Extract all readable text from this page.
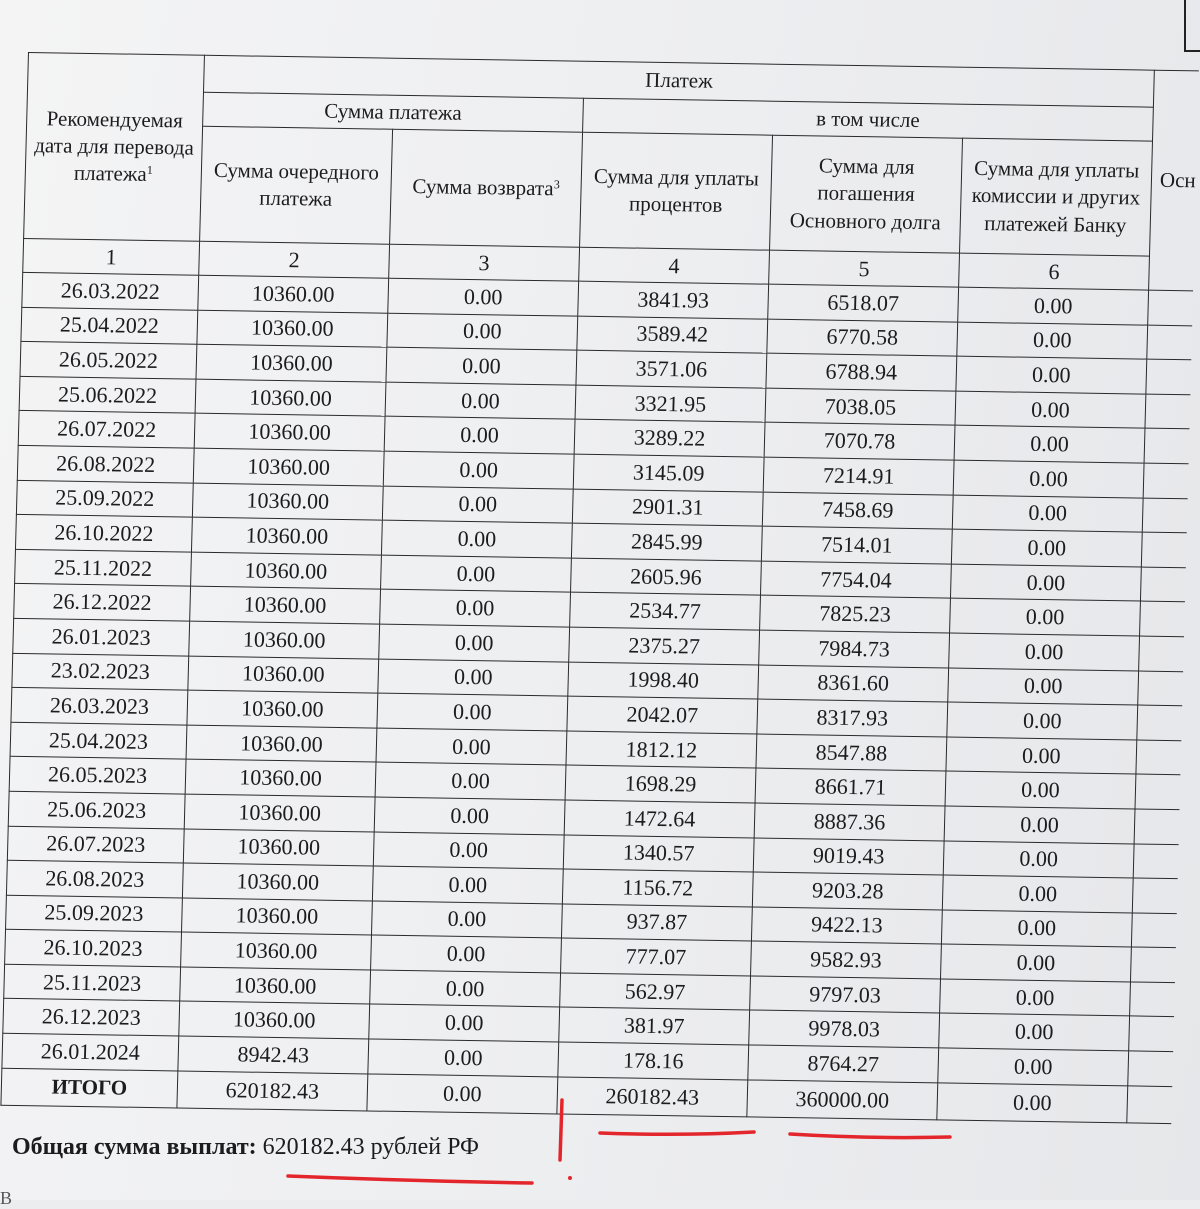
Рекомендуемая дата для перевода платежа$^1$	Платеж					Осн
	Сумма платежа		в том числе			
	Сумма очередного платежа	Сумма возврата$^3$	Сумма для уплаты процентов	Сумма для погашения Основного долга	Сумма для уплаты комиссии и других платежей Банку	
1	2	3	4	5	6	
26.03.2022	10360.00	0.00	3841.93	6518.07	0.00	
25.04.2022	10360.00	0.00	3589.42	6770.58	0.00	
26.05.2022	10360.00	0.00	3571.06	6788.94	0.00	
25.06.2022	10360.00	0.00	3321.95	7038.05	0.00	
26.07.2022	10360.00	0.00	3289.22	7070.78	0.00	
26.08.2022	10360.00	0.00	3145.09	7214.91	0.00	
25.09.2022	10360.00	0.00	2901.31	7458.69	0.00	
26.10.2022	10360.00	0.00	2845.99	7514.01	0.00	
25.11.2022	10360.00	0.00	2605.96	7754.04	0.00	
26.12.2022	10360.00	0.00	2534.77	7825.23	0.00	
26.01.2023	10360.00	0.00	2375.27	7984.73	0.00	
23.02.2023	10360.00	0.00	1998.40	8361.60	0.00	
26.03.2023	10360.00	0.00	2042.07	8317.93	0.00	
25.04.2023	10360.00	0.00	1812.12	8547.88	0.00	
26.05.2023	10360.00	0.00	1698.29	8661.71	0.00	
25.06.2023	10360.00	0.00	1472.64	8887.36	0.00	
26.07.2023	10360.00	0.00	1340.57	9019.43	0.00	
26.08.2023	10360.00	0.00	1156.72	9203.28	0.00	
25.09.2023	10360.00	0.00	937.87	9422.13	0.00	
26.10.2023	10360.00	0.00	777.07	9582.93	0.00	
25.11.2023	10360.00	0.00	562.97	9797.03	0.00	
26.12.2023	10360.00	0.00	381.97	9978.03	0.00	
26.01.2024	8942.43	0.00	178.16	8764.27	0.00	
ИТОГО	620182.43	0.00	260182.43	360000.00	0.00	
Общая сумма выплат: 620182.43 рублей РФ
В
